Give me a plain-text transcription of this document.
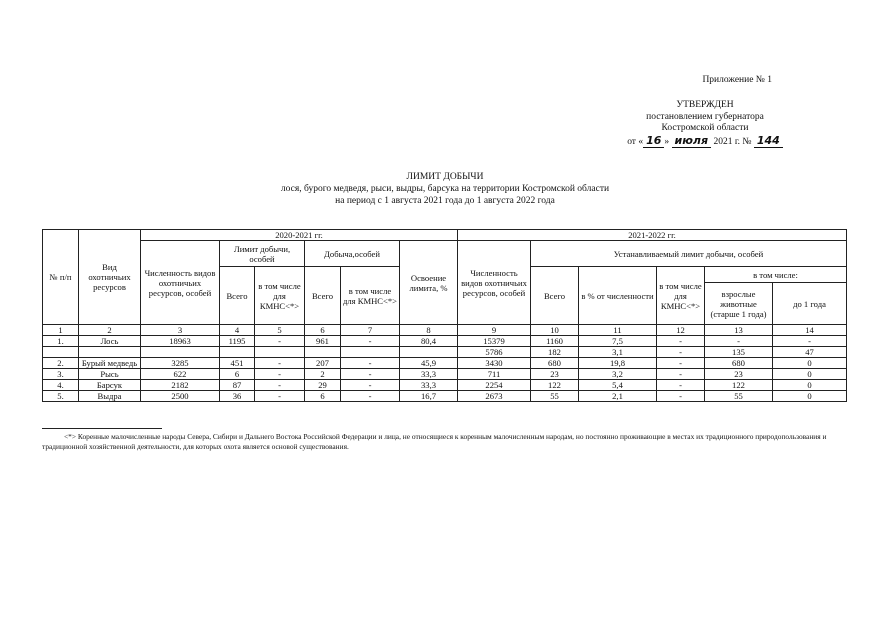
Приложение № 1
УТВЕРЖДЕН
постановлением губернатора
Костромской области
от « 16 » июля 2021 г. № 144
ЛИМИТ ДОБЫЧИ
лося, бурого медведя, рыси, выдры, барсука на территории Костромской области
на период с 1 августа 2021 года до 1 августа 2022 года
№ п/п	Вид охотничьих ресурсов	2020-2021 гг.						2021-2022 гг.					
		Численность видов охотничьих ресурсов, особей	Лимит добычи, особей		Добыча,особей		Освоение лимита, %	Численность видов охотничьих ресурсов, особей	Устанавливаемый лимит добычи, особей				
			Всего	в том числе для КМНС<*>	Всего	в том числе для КМНС<*>			Всего	в % от численности	в том числе для КМНС<*>	в том числе:	
												взрослые животные (старше 1 года)	до 1 года
1	2	3	4	5	6	7	8	9	10	11	12	13	14
1.	Лось	18963	1195	-	961	-	80,4	15379	1160	7,5	-	-	-
								5786	182	3,1	-	135	47
2.	Бурый медведь	3285	451	-	207	-	45,9	3430	680	19,8	-	680	0
3.	Рысь	622	6	-	2	-	33,3	711	23	3,2	-	23	0
4.	Барсук	2182	87	-	29	-	33,3	2254	122	5,4	-	122	0
5.	Выдра	2500	36	-	6	-	16,7	2673	55	2,1	-	55	0
<*> Коренные малочисленные народы Севера, Сибири и Дальнего Востока Российской Федерации и лица, не относящиеся к коренным малочисленным народам, но постоянно проживающие в местах их традиционного природопользования и традиционной хозяйственной деятельности, для которых охота является основой существования.
